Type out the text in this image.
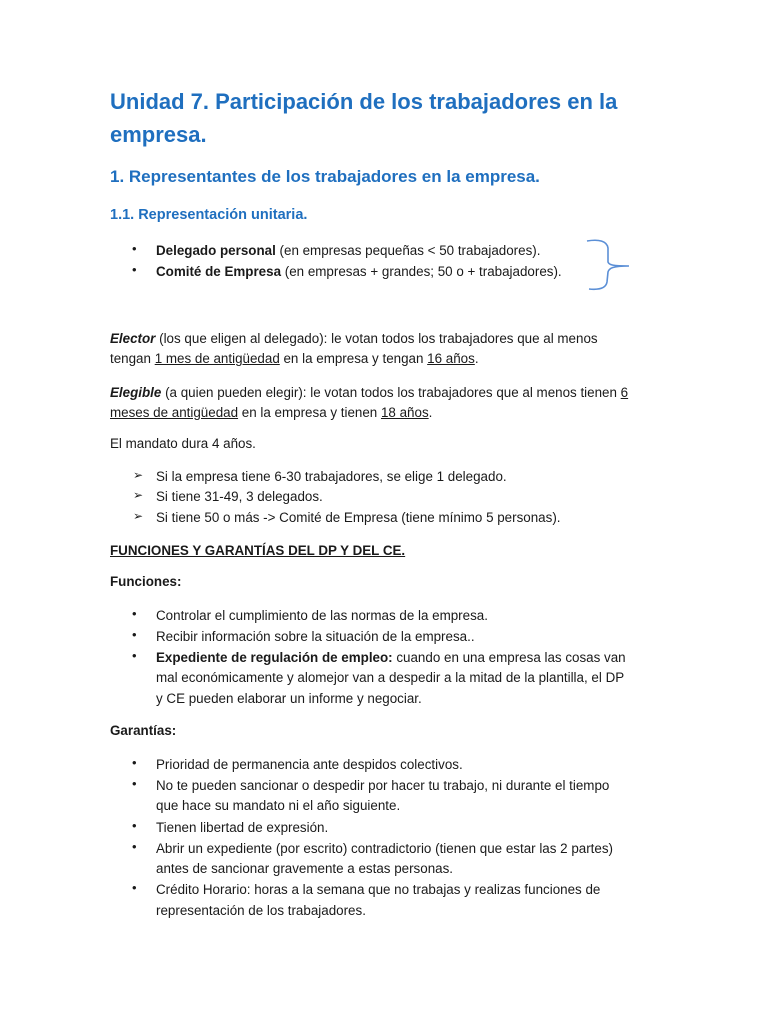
Unidad 7. Participación de los trabajadores en la
empresa.
1. Representantes de los trabajadores en la empresa.
1.1. Representación unitaria.
• Delegado personal (en empresas pequeñas < 50 trabajadores).
• Comité de Empresa (en empresas + grandes; 50 o + trabajadores).
Elector (los que eligen al delegado): le votan todos los trabajadores que al menos
tengan 1 mes de antigüedad en la empresa y tengan 16 años.
Elegible (a quien pueden elegir): le votan todos los trabajadores que al menos tienen 6
meses de antigüedad en la empresa y tienen 18 años.
El mandato dura 4 años.
➢ Si la empresa tiene 6-30 trabajadores, se elige 1 delegado.
➢ Si tiene 31-49, 3 delegados.
➢ Si tiene 50 o más -> Comité de Empresa (tiene mínimo 5 personas).
FUNCIONES Y GARANTÍAS DEL DP Y DEL CE.
Funciones:
• Controlar el cumplimiento de las normas de la empresa.
• Recibir información sobre la situación de la empresa..
• Expediente de regulación de empleo: cuando en una empresa las cosas van
mal económicamente y alomejor van a despedir a la mitad de la plantilla, el DP
y CE pueden elaborar un informe y negociar.
Garantías:
• Prioridad de permanencia ante despidos colectivos.
• No te pueden sancionar o despedir por hacer tu trabajo, ni durante el tiempo
que hace su mandato ni el año siguiente.
• Tienen libertad de expresión.
• Abrir un expediente (por escrito) contradictorio (tienen que estar las 2 partes)
antes de sancionar gravemente a estas personas.
• Crédito Horario: horas a la semana que no trabajas y realizas funciones de
representación de los trabajadores.
